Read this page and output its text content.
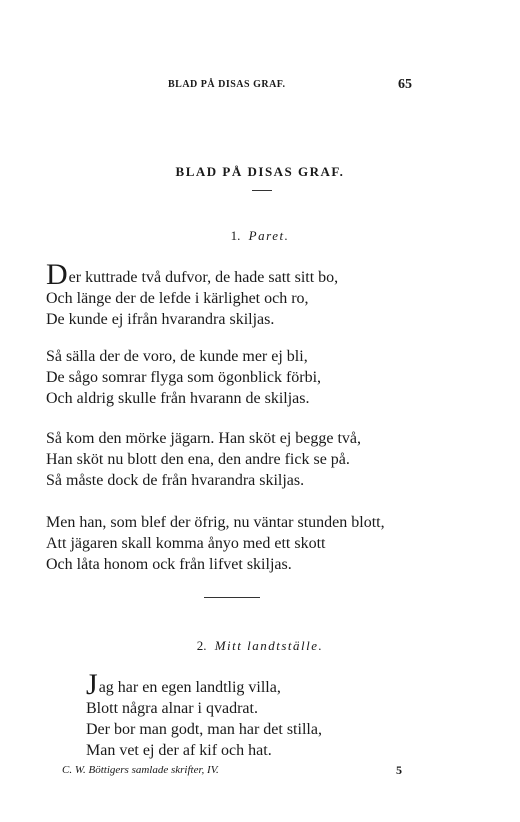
BLAD PÅ DISAS GRAF.	65
BLAD PÅ DISAS GRAF.
1. Paret.
Der kuttrade två dufvor, de hade satt sitt bo,
Och länge der de lefde i kärlighet och ro,
De kunde ej ifrån hvarandra skiljas.
Så sälla der de voro, de kunde mer ej bli,
De sågo somrar flyga som ögonblick förbi,
Och aldrig skulle från hvarann de skiljas.
Så kom den mörke jägarn. Han sköt ej begge två,
Han sköt nu blott den ena, den andre fick se på.
Så måste dock de från hvarandra skiljas.
Men han, som blef der öfrig, nu väntar stunden blott,
Att jägaren skall komma ånyo med ett skott
Och låta honom ock från lifvet skiljas.
2. Mitt landtställe.
Jag har en egen landtlig villa,
Blott några alnar i qvadrat.
Der bor man godt, man har det stilla,
Man vet ej der af kif och hat.
C. W. Böttigers samlade skrifter, IV.	5
